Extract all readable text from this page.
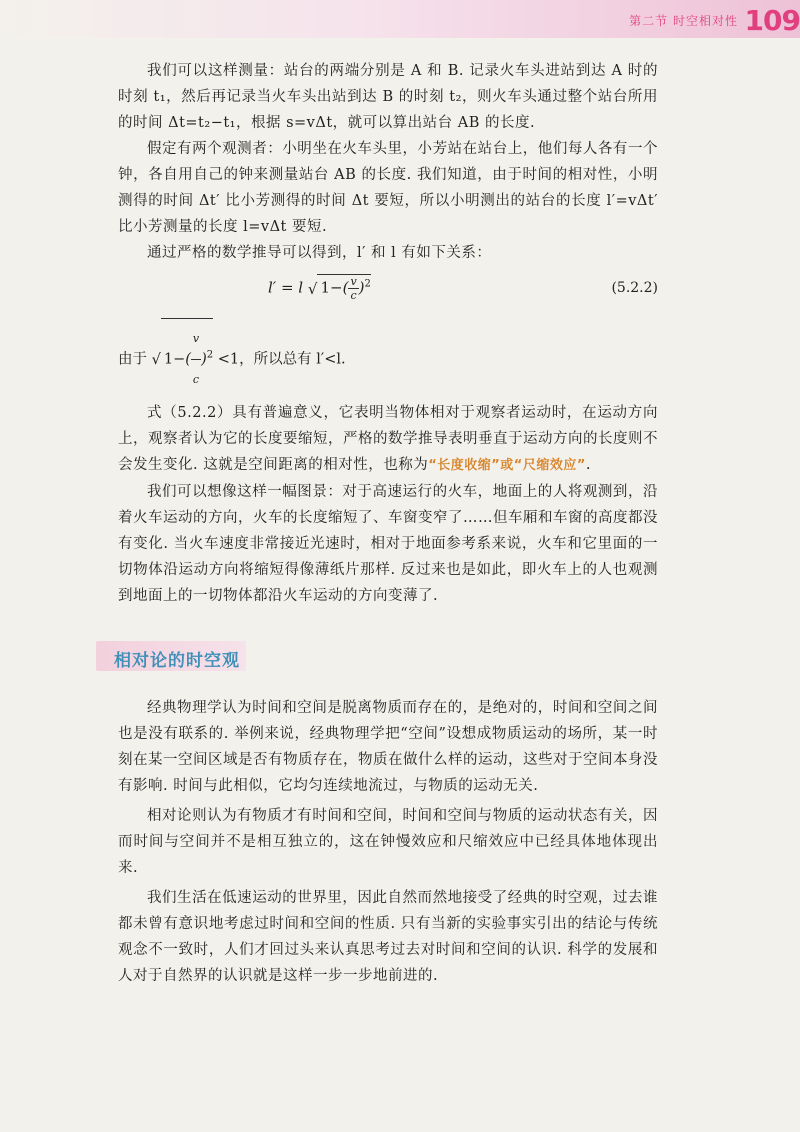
第二节 时空相对性 109

我们可以这样测量：站台的两端分别是 A 和 B. 记录火车头进站到达 A 时的时刻 t₁，然后再记录当火车头出站到达 B 的时刻 t₂，则火车头通过整个站台所用的时间 Δt=t₂−t₁，根据 s=vΔt，就可以算出站台 AB 的长度.

假定有两个观测者：小明坐在火车头里，小芳站在站台上，他们每人各有一个钟，各自用自己的钟来测量站台 AB 的长度. 我们知道，由于时间的相对性，小明测得的时间 Δt′ 比小芳测得的时间 Δt 要短，所以小明测出的站台的长度 l′=vΔt′ 比小芳测量的长度 l=vΔt 要短.

通过严格的数学推导可以得到，l′ 和 l 有如下关系：

l′ = l √ $1-( \frac{v}{c} )^2$	(5.2.2)
由于 √ $1-( \frac{v}{c} )^2 <1$，所以总有 l′<l.

式（5.2.2）具有普遍意义，它表明当物体相对于观察者运动时，在运动方向上，观察者认为它的长度要缩短，严格的数学推导表明垂直于运动方向的长度则不会发生变化. 这就是空间距离的相对性，也称为“长度收缩”或“尺缩效应”.

我们可以想像这样一幅图景：对于高速运行的火车，地面上的人将观测到，沿着火车运动的方向，火车的长度缩短了、车窗变窄了……但车厢和车窗的高度都没有变化. 当火车速度非常接近光速时，相对于地面参考系来说，火车和它里面的一切物体沿运动方向将缩短得像薄纸片那样. 反过来也是如此，即火车上的人也观测到地面上的一切物体都沿火车运动的方向变薄了.

相对论的时空观

经典物理学认为时间和空间是脱离物质而存在的，是绝对的，时间和空间之间也是没有联系的. 举例来说，经典物理学把“空间”设想成物质运动的场所，某一时刻在某一空间区域是否有物质存在，物质在做什么样的运动，这些对于空间本身没有影响. 时间与此相似，它均匀连续地流过，与物质的运动无关.

相对论则认为有物质才有时间和空间，时间和空间与物质的运动状态有关，因而时间与空间并不是相互独立的，这在钟慢效应和尺缩效应中已经具体地体现出来.

我们生活在低速运动的世界里，因此自然而然地接受了经典的时空观，过去谁都未曾有意识地考虑过时间和空间的性质. 只有当新的实验事实引出的结论与传统观念不一致时，人们才回过头来认真思考过去对时间和空间的认识. 科学的发展和人对于自然界的认识就是这样一步一步地前进的.
